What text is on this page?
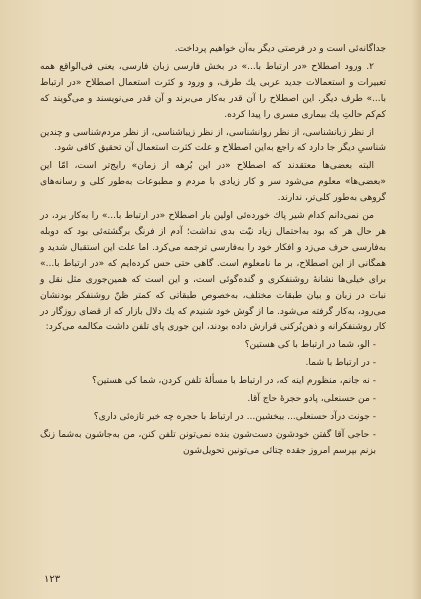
جداگانه‌ئی است و در فرصتی دیگر به‌آن خواهیم پرداخت.

۲. ورود اصطلاح «در ارتباط با...» در بخش فارسی زبان فارسی، یعنی فی‌الواقع همه تعبیرات و استعمالات جدید عربی یك طرف، و ورود و کثرت استعمال اصطلاح «در ارتباط با...» طرف دیگر. این اصطلاح را آن قدر به‌کار می‌برند و آن قدر می‌نویسند و می‌گویند که کم‌کم حالتِ یك بیماری مسری را پیدا کرده.

از نظر زبانشناسی، از نظر روانشناسی، از نظر زیباشناسی، از نظر مردم‌شناسی و چندین شناسیِ دیگر جا دارد که راجع به‌این اصطلاح و علت کثرت استعمال آن تحقیق کافی شود.

البته بعضی‌ها معتقدند که اصطلاح «در این بُرهه از زمان» رایج‌تر است، امّا این «بعضی‌ها» معلوم می‌شود سر و کار زیادی با مردم و مطبوعات به‌طور کلی و رسانه‌های گروهی به‌طور کلی‌تر، ندارند.

من نمی‌دانم کدام شیر پاك خورده‌ئی اولین بار اصطلاح «در ارتباط با...» را به‌کار برد، در هر حال هر که بود به‌احتمال زیاد نیّت بدی نداشت؛ آدم از فرنگ برگشته‌ئی بود که دوبله به‌فارسی حرف می‌زد و افکار خود را به‌فارسی ترجمه می‌کرد. اما علت این استقبال شدید و همگانی از این اصطلاح، بر ما نامعلوم است. گاهی حتی حس کرده‌ایم که «در ارتباط با...» برای خیلی‌ها نشانهٔ روشنفکری و گنده‌گوئی است، و این است که همین‌جوری مثل نقل و نبات در زبان و بیان طبقات مختلف، به‌خصوص طبقاتی که کمتر ظنّ روشنفکر بودنشان می‌رود، به‌کار گرفته می‌شود. ما از گوش خود شنیدم که یك دلال بازار که از قضای روزگار در کار روشنفکرانه و ذهن‌بُرکنی قرارش داده بودند، این جوری پای تلفن داشت مکالمه می‌کرد:

- الو، شما در ارتباط با کی هستین؟

- در ارتباط با شما.

- نه جانم، منظورم اینه که، در ارتباط با مسألهٔ تلفن کردن، شما کی هستین؟

- من حسنعلی، پادو حجرهٔ حاج آقا.

- جونت درآد حسنعلی... ببخشین... در ارتباط با حجره چه خبر تازه‌ئی داری؟

- حاجی آقا گفتن خودشون دست‌شون بنده نمی‌تونن تلفن کنن، من به‌جاشون به‌شما زنگ بزنم بپرسم امروز جقده چتائی می‌تونین تحویل‌شون

۱۲۳
